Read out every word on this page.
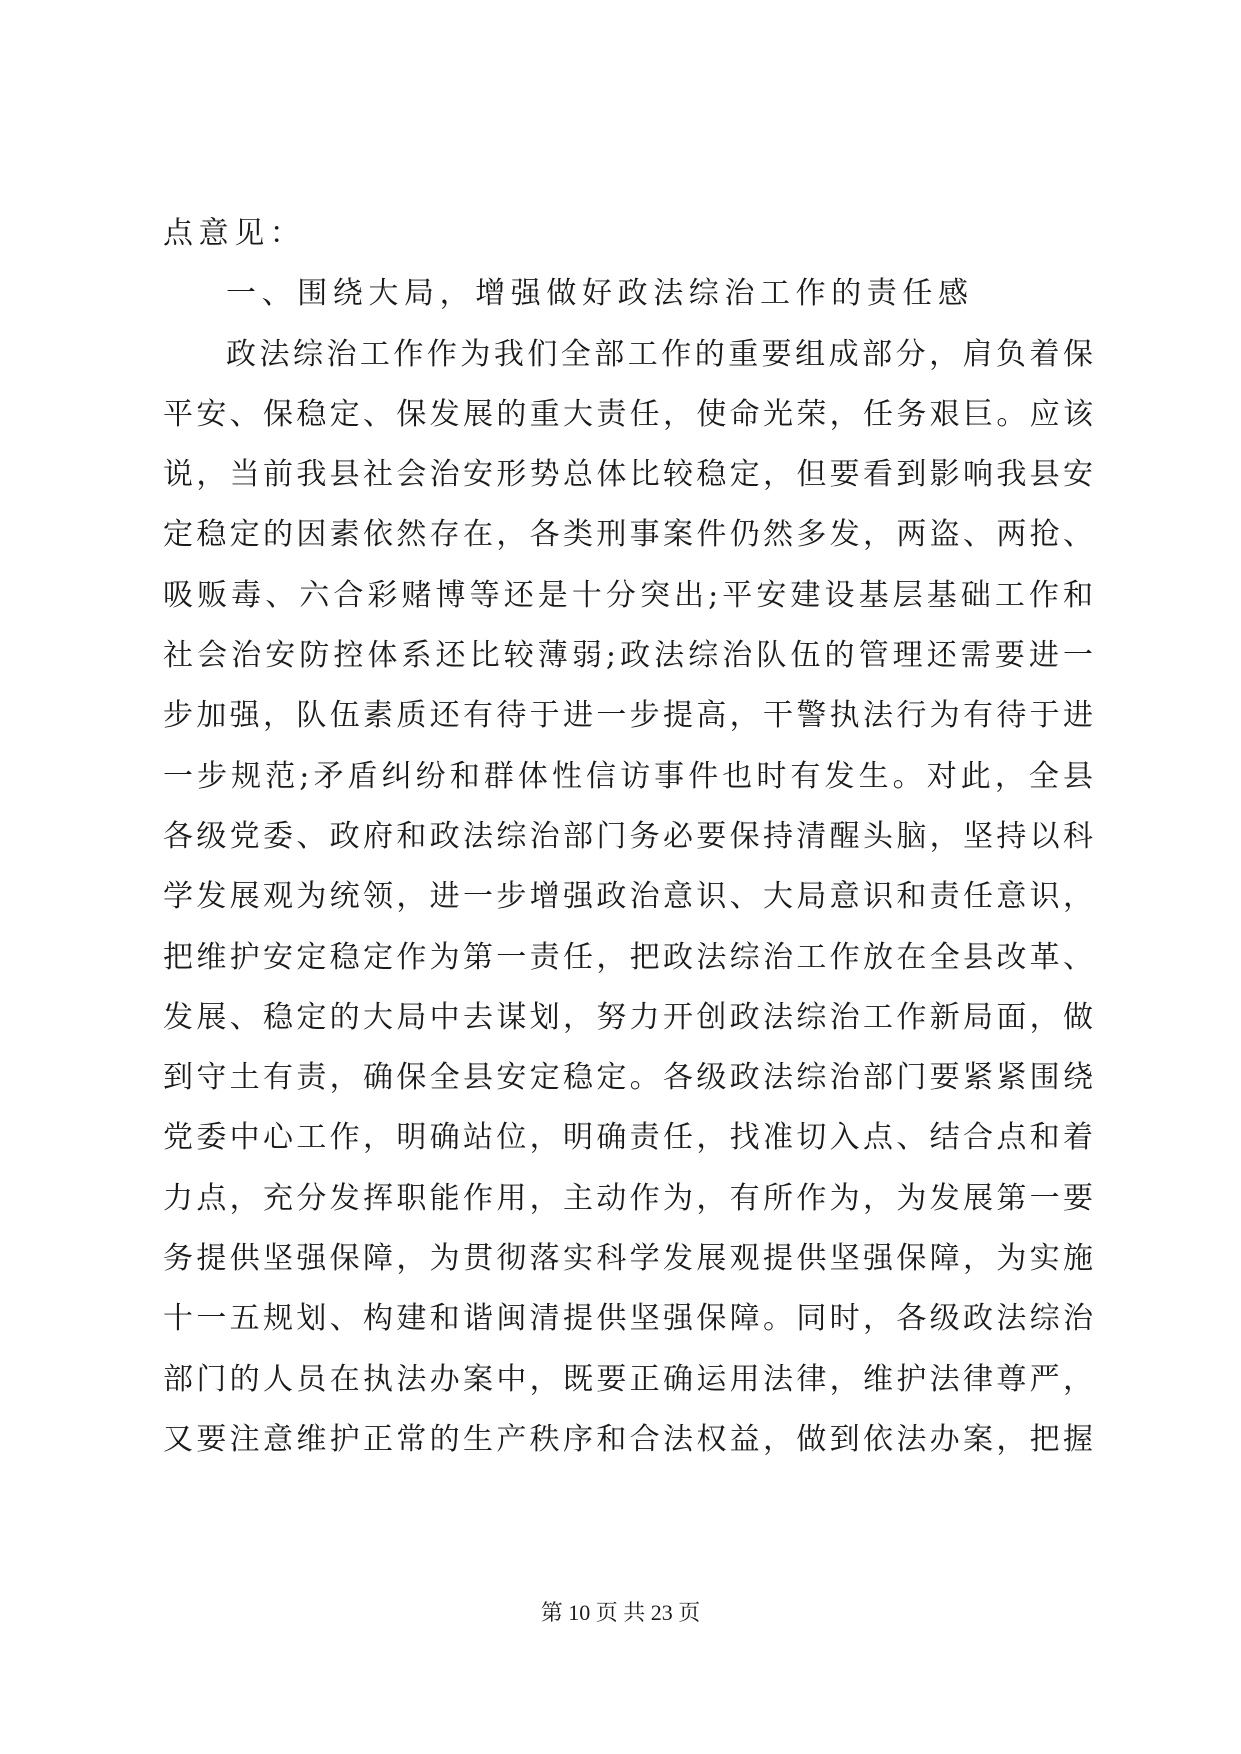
点意见：
一、围绕大局，增强做好政法综治工作的责任感
政法综治工作作为我们全部工作的重要组成部分，肩负着保
平安、保稳定、保发展的重大责任，使命光荣，任务艰巨。应该
说，当前我县社会治安形势总体比较稳定，但要看到影响我县安
定稳定的因素依然存在，各类刑事案件仍然多发，两盗、两抢、
吸贩毒、六合彩赌博等还是十分突出;平安建设基层基础工作和
社会治安防控体系还比较薄弱;政法综治队伍的管理还需要进一
步加强，队伍素质还有待于进一步提高，干警执法行为有待于进
一步规范;矛盾纠纷和群体性信访事件也时有发生。对此，全县
各级党委、政府和政法综治部门务必要保持清醒头脑，坚持以科
学发展观为统领，进一步增强政治意识、大局意识和责任意识，
把维护安定稳定作为第一责任，把政法综治工作放在全县改革、
发展、稳定的大局中去谋划，努力开创政法综治工作新局面，做
到守土有责，确保全县安定稳定。各级政法综治部门要紧紧围绕
党委中心工作，明确站位，明确责任，找准切入点、结合点和着
力点，充分发挥职能作用，主动作为，有所作为，为发展第一要
务提供坚强保障，为贯彻落实科学发展观提供坚强保障，为实施
十一五规划、构建和谐闽清提供坚强保障。同时，各级政法综治
部门的人员在执法办案中，既要正确运用法律，维护法律尊严，
又要注意维护正常的生产秩序和合法权益，做到依法办案，把握
第 10 页 共 23 页
